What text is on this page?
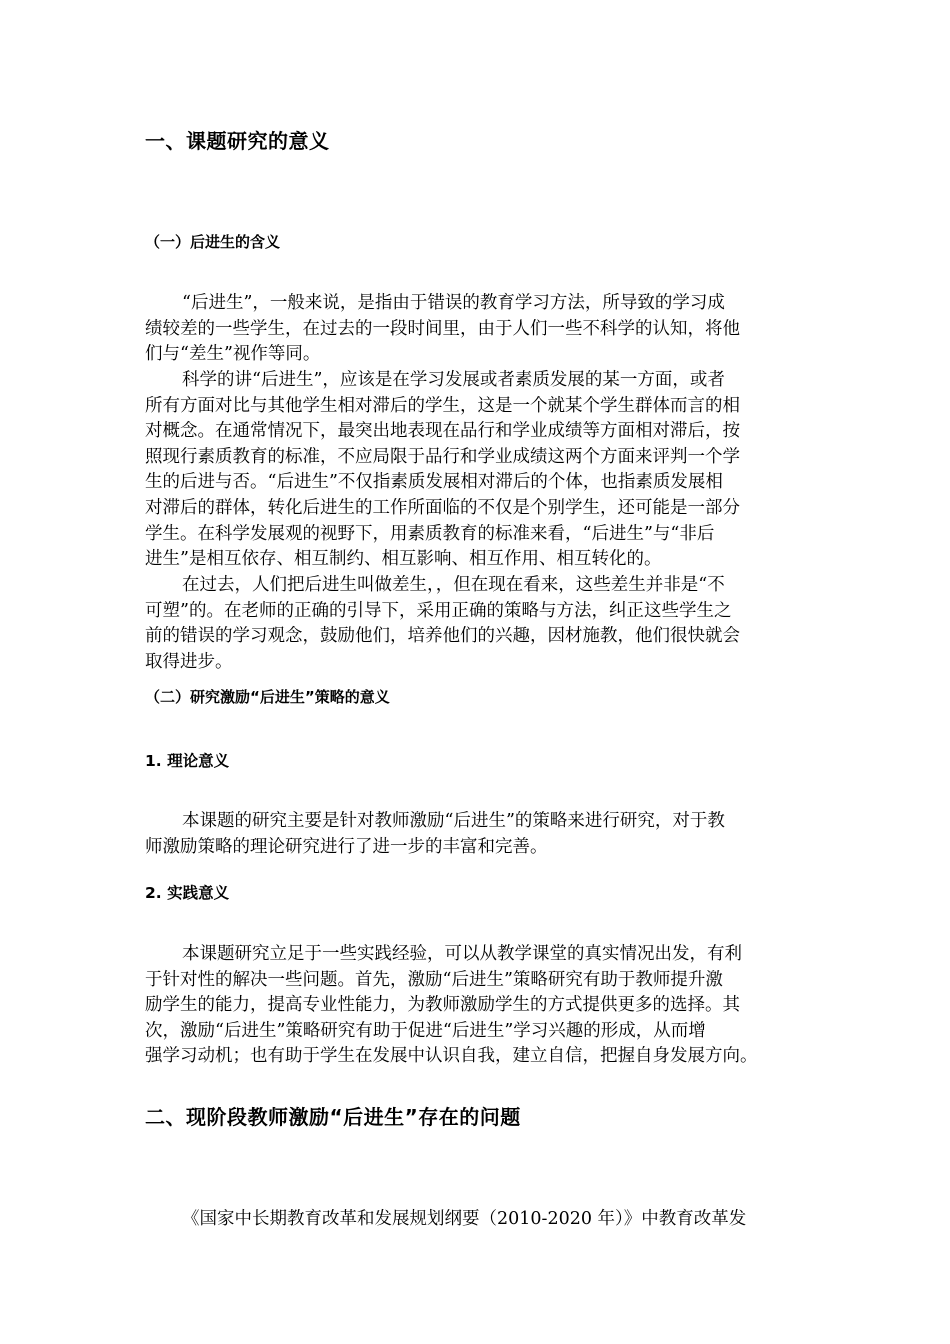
一、课题研究的意义
（一）后进生的含义
“后进生”，一般来说，是指由于错误的教育学习方法，所导致的学习成
绩较差的一些学生，在过去的一段时间里，由于人们一些不科学的认知，将他
们与“差生”视作等同。
科学的讲“后进生”，应该是在学习发展或者素质发展的某一方面，或者
所有方面对比与其他学生相对滞后的学生，这是一个就某个学生群体而言的相
对概念。在通常情况下，最突出地表现在品行和学业成绩等方面相对滞后，按
照现行素质教育的标准，不应局限于品行和学业成绩这两个方面来评判一个学
生的后进与否。“后进生”不仅指素质发展相对滞后的个体，也指素质发展相
对滞后的群体，转化后进生的工作所面临的不仅是个别学生，还可能是一部分
学生。在科学发展观的视野下，用素质教育的标准来看，“后进生”与“非后
进生”是相互依存、相互制约、相互影响、相互作用、相互转化的。
在过去，人们把后进生叫做差生，，但在现在看来，这些差生并非是“不
可塑”的。在老师的正确的引导下，采用正确的策略与方法，纠正这些学生之
前的错误的学习观念，鼓励他们，培养他们的兴趣，因材施教，他们很快就会
取得进步。
（二）研究激励“后进生”策略的意义
1. 理论意义
本课题的研究主要是针对教师激励“后进生”的策略来进行研究，对于教
师激励策略的理论研究进行了进一步的丰富和完善。
2. 实践意义
本课题研究立足于一些实践经验，可以从教学课堂的真实情况出发，有利
于针对性的解决一些问题。首先，激励“后进生”策略研究有助于教师提升激
励学生的能力，提高专业性能力，为教师激励学生的方式提供更多的选择。其
次，激励“后进生”策略研究有助于促进“后进生”学习兴趣的形成，从而增
强学习动机；也有助于学生在发展中认识自我，建立自信，把握自身发展方向。
二、现阶段教师激励“后进生”存在的问题
《国家中长期教育改革和发展规划纲要（2010-2020 年）》中教育改革发
